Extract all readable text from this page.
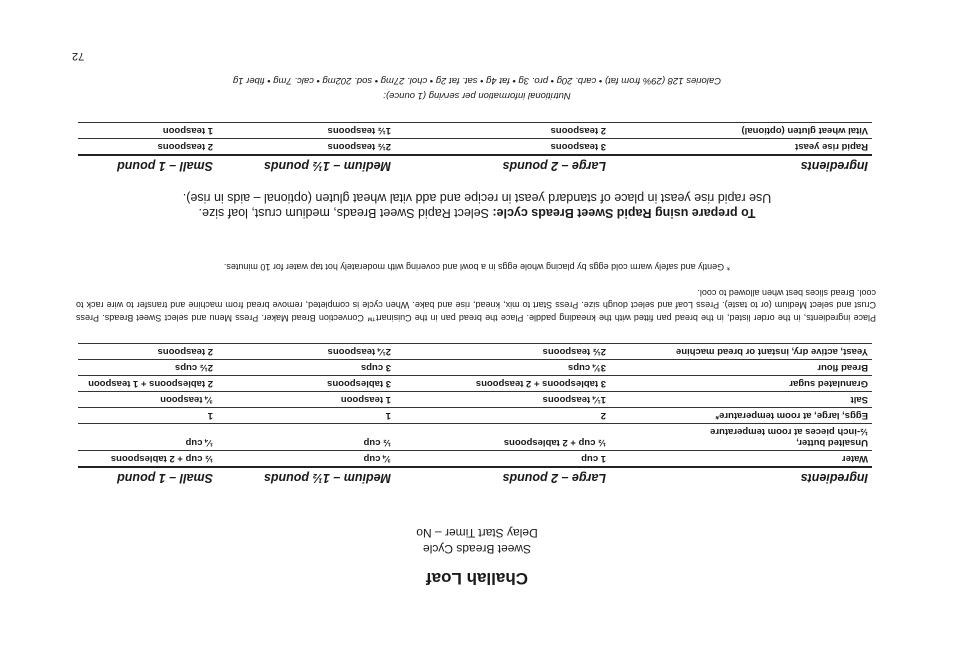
Challah Loaf
Sweet Breads Cycle
Delay Start Timer – No
Ingredients	Large – 2 pounds	Medium – 1½ pounds	Small – 1 pound
Water	1 cup	¾ cup	½ cup + 2 tablespoons
Unsalted butter,
½-inch pieces at room temperature	½ cup + 2 tablespoons	½ cup	¼ cup
Eggs, large, at room temperature*	2	1	1
Salt	1¼ teaspoons	1 teaspoon	¾ teaspoon
Granulated sugar	3 tablespoons + 2 teaspoons	3 tablespoons	2 tablespoons + 1 teaspoon
Bread flour	3¾ cups	3 cups	2½ cups
Yeast, active dry, instant or bread machine	2½ teaspoons	2¼ teaspoons	2 teaspoons
Place ingredients, in the order listed, in the bread pan fitted with the kneading paddle. Place the bread pan in the Cuisinart™ Convection Bread Maker. Press Menu and select Sweet Breads. Press Crust and select Medium (or to taste). Press Loaf and select dough size. Press Start to mix, knead, rise and bake. When cycle is completed, remove bread from machine and transfer to wire rack to cool. Bread slices best when allowed to cool.
* Gently and safely warm cold eggs by placing whole eggs in a bowl and covering with moderately hot tap water for 10 minutes.
To prepare using Rapid Sweet Breads cycle: Select Rapid Sweet Breads, medium crust, loaf size.
Use rapid rise yeast in place of standard yeast in recipe and add vital wheat gluten (optional – aids in rise).
Ingredients	Large – 2 pounds	Medium – 1½ pounds	Small – 1 pound
Rapid rise yeast	3 teaspoons	2½ teaspoons	2 teaspoons
Vital wheat gluten (optional)	2 teaspoons	1½ teaspoons	1 teaspoon
Nutritional information per serving (1 ounce):
Calories 128 (29% from fat) • carb. 20g • pro. 3g • fat 4g • sat. fat 2g • chol. 27mg • sod. 202mg • calc. 7mg • fiber 1g
72
